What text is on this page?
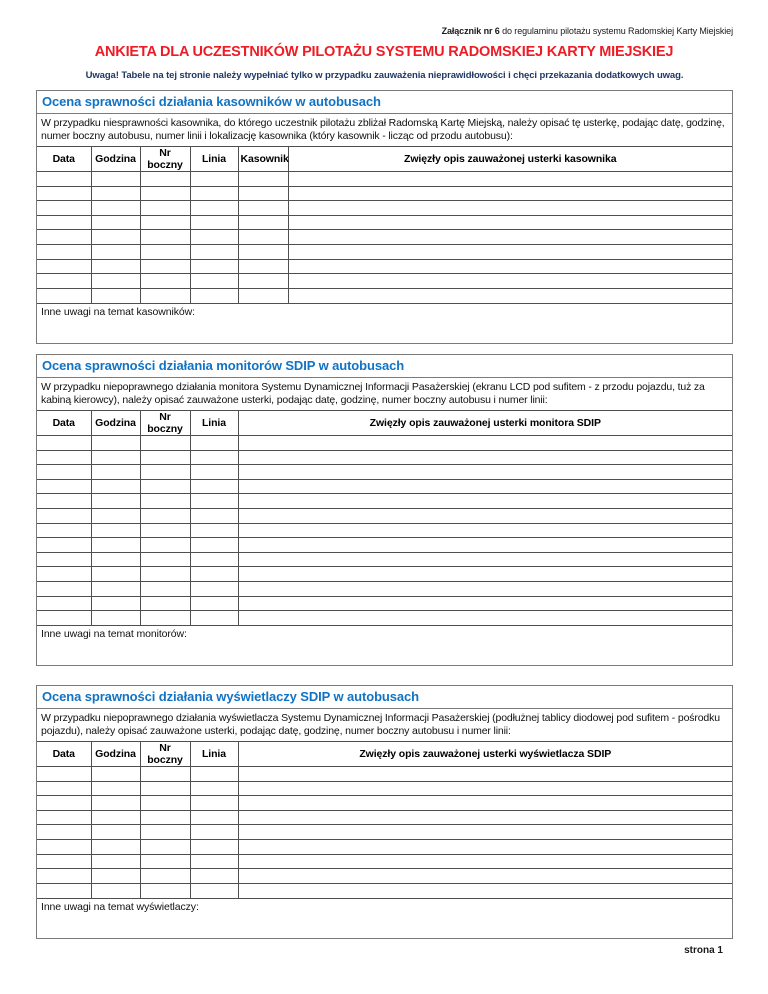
Załącznik nr 6 do regulaminu pilotażu systemu Radomskiej Karty Miejskiej
ANKIETA DLA UCZESTNIKÓW PILOTAŻU SYSTEMU RADOMSKIEJ KARTY MIEJSKIEJ
Uwaga! Tabele na tej stronie należy wypełniać tylko w przypadku zauważenia nieprawidłowości i chęci przekazania dodatkowych uwag.
Ocena sprawności działania kasowników w autobusach
W przypadku niesprawności kasownika, do którego uczestnik pilotażu zbliżał Radomską Kartę Miejską, należy opisać tę usterkę, podając datę, godzinę, numer boczny autobusu, numer linii i lokalizację kasownika (który kasownik - licząc od przodu autobusu):
Data	Godzina	Nr boczny	Linia	Kasownik	Zwięzły opis zauważonej usterki kasownika

Inne uwagi na temat kasowników:
Ocena sprawności działania monitorów SDIP w autobusach
W przypadku niepoprawnego działania monitora Systemu Dynamicznej Informacji Pasażerskiej (ekranu LCD pod sufitem - z przodu pojazdu, tuż za kabiną kierowcy), należy opisać zauważone usterki, podając datę, godzinę, numer boczny autobusu i numer linii:
Data	Godzina	Nr boczny	Linia	Zwięzły opis zauważonej usterki monitora SDIP

Inne uwagi na temat monitorów:
Ocena sprawności działania wyświetlaczy SDIP w autobusach
W przypadku niepoprawnego działania wyświetlacza Systemu Dynamicznej Informacji Pasażerskiej (podłużnej tablicy diodowej pod sufitem - pośrodku pojazdu), należy opisać zauważone usterki, podając datę, godzinę, numer boczny autobusu i numer linii:
Data	Godzina	Nr boczny	Linia	Zwięzły opis zauważonej usterki wyświetlacza SDIP

Inne uwagi na temat wyświetlaczy:
strona 1
